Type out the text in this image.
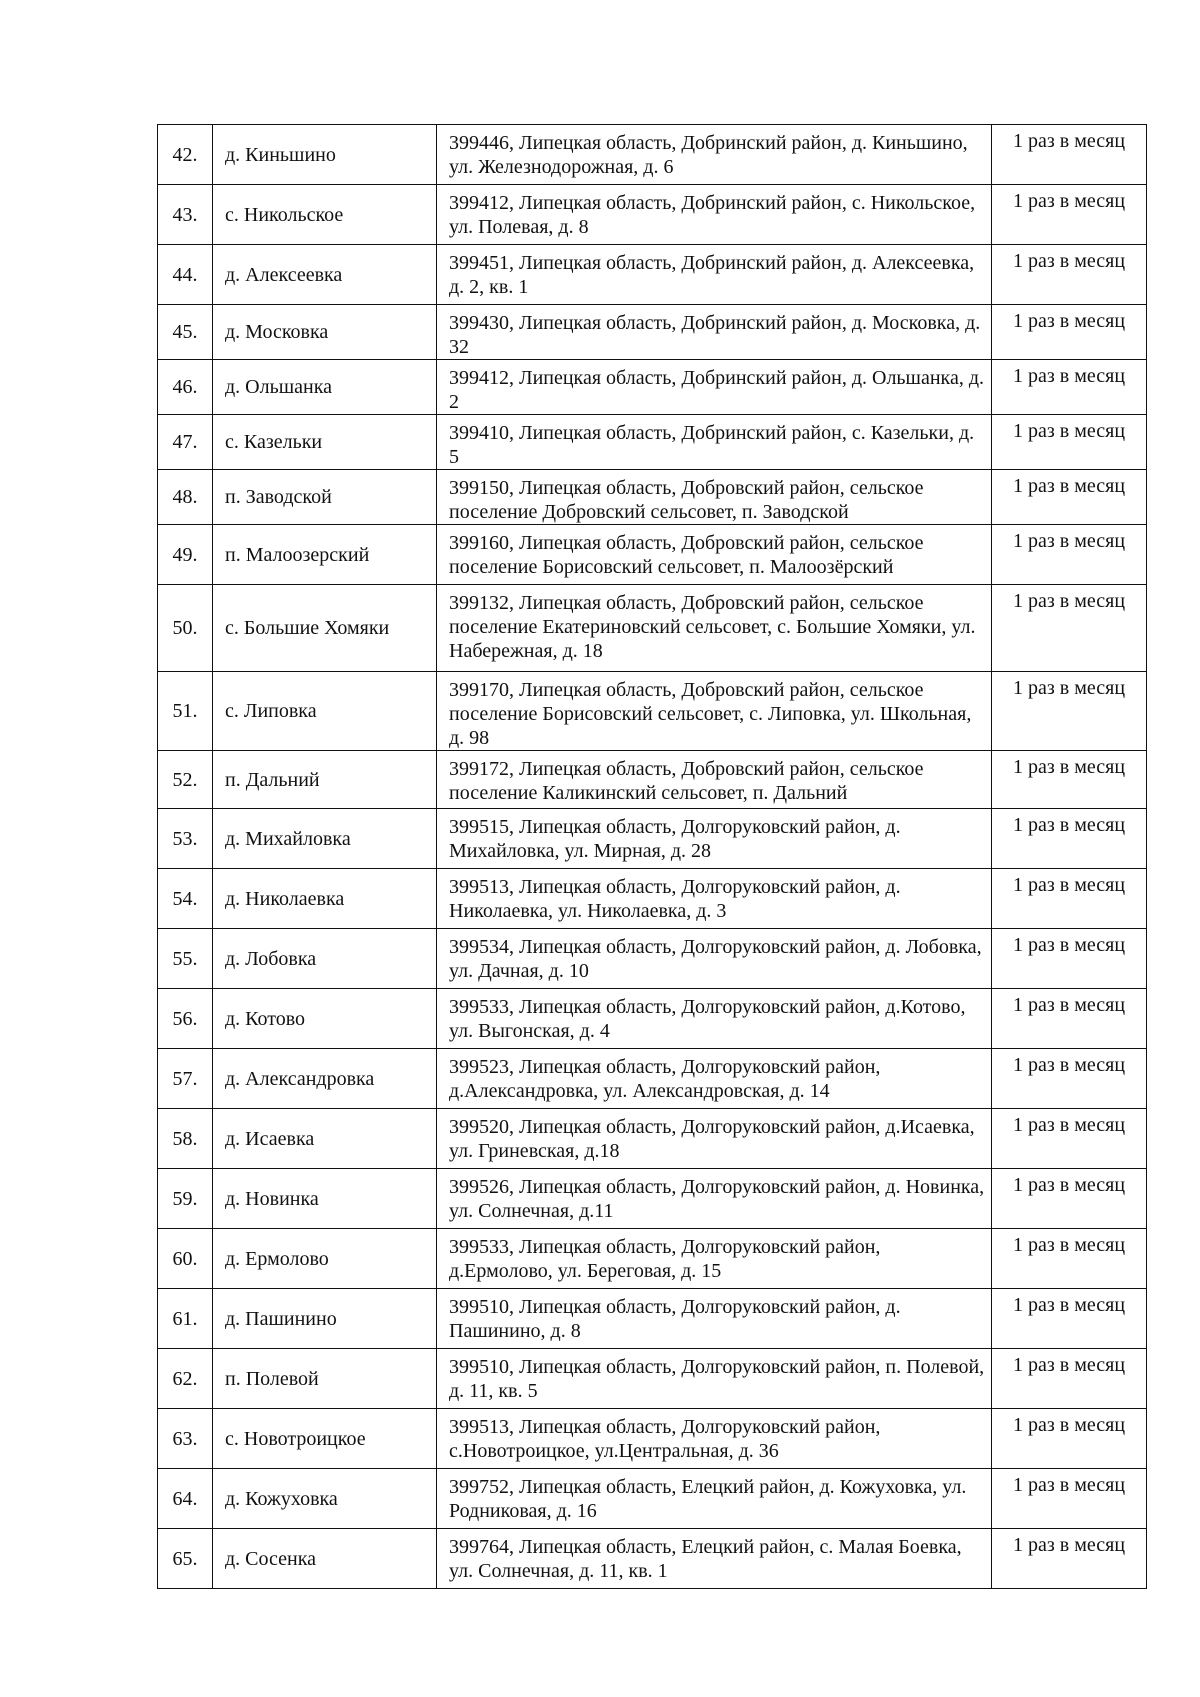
42.	д. Киньшино	399446, Липецкая область, Добринский район, д. Киньшино, ул. Железнодорожная, д. 6	1 раз в месяц
43.	с. Никольское	399412, Липецкая область, Добринский район, с. Никольское, ул. Полевая, д. 8	1 раз в месяц
44.	д. Алексеевка	399451, Липецкая область, Добринский район, д. Алексеевка, д. 2, кв. 1	1 раз в месяц
45.	д. Московка	399430, Липецкая область, Добринский район, д. Московка, д. 32	1 раз в месяц
46.	д. Ольшанка	399412, Липецкая область, Добринский район, д. Ольшанка, д. 2	1 раз в месяц
47.	с. Казельки	399410, Липецкая область, Добринский район, с. Казельки, д. 5	1 раз в месяц
48.	п. Заводской	399150, Липецкая область, Добровский район, сельское поселение Добровский сельсовет, п. Заводской	1 раз в месяц
49.	п. Малоозерский	399160, Липецкая область, Добровский район, сельское поселение Борисовский сельсовет, п. Малоозёрский	1 раз в месяц
50.	с. Большие Хомяки	399132, Липецкая область, Добровский район, сельское поселение Екатериновский сельсовет, с. Большие Хомяки, ул. Набережная, д. 18	1 раз в месяц
51.	с. Липовка	399170, Липецкая область, Добровский район, сельское поселение Борисовский сельсовет, с. Липовка, ул. Школьная, д. 98	1 раз в месяц
52.	п. Дальний	399172, Липецкая область, Добровский район, сельское поселение Каликинский сельсовет, п. Дальний	1 раз в месяц
53.	д. Михайловка	399515, Липецкая область, Долгоруковский район, д. Михайловка, ул. Мирная, д. 28	1 раз в месяц
54.	д. Николаевка	399513, Липецкая область, Долгоруковский район, д. Николаевка, ул. Николаевка, д. 3	1 раз в месяц
55.	д. Лобовка	399534, Липецкая область, Долгоруковский район, д. Лобовка, ул. Дачная, д. 10	1 раз в месяц
56.	д. Котово	399533, Липецкая область, Долгоруковский район, д.Котово, ул. Выгонская, д. 4	1 раз в месяц
57.	д. Александровка	399523, Липецкая область, Долгоруковский район, д.Александровка, ул. Александровская, д. 14	1 раз в месяц
58.	д. Исаевка	399520, Липецкая область, Долгоруковский район, д.Исаевка, ул. Гриневская, д.18	1 раз в месяц
59.	д. Новинка	399526, Липецкая область, Долгоруковский район, д. Новинка, ул. Солнечная, д.11	1 раз в месяц
60.	д. Ермолово	399533, Липецкая область, Долгоруковский район, д.Ермолово, ул. Береговая, д. 15	1 раз в месяц
61.	д. Пашинино	399510, Липецкая область, Долгоруковский район, д. Пашинино, д. 8	1 раз в месяц
62.	п. Полевой	399510, Липецкая область, Долгоруковский район, п. Полевой, д. 11, кв. 5	1 раз в месяц
63.	с. Новотроицкое	399513, Липецкая область, Долгоруковский район, с.Новотроицкое, ул.Центральная, д. 36	1 раз в месяц
64.	д. Кожуховка	399752, Липецкая область, Елецкий район, д. Кожуховка, ул. Родниковая, д. 16	1 раз в месяц
65.	д. Сосенка	399764, Липецкая область, Елецкий район, с. Малая Боевка, ул. Солнечная, д. 11, кв. 1	1 раз в месяц
